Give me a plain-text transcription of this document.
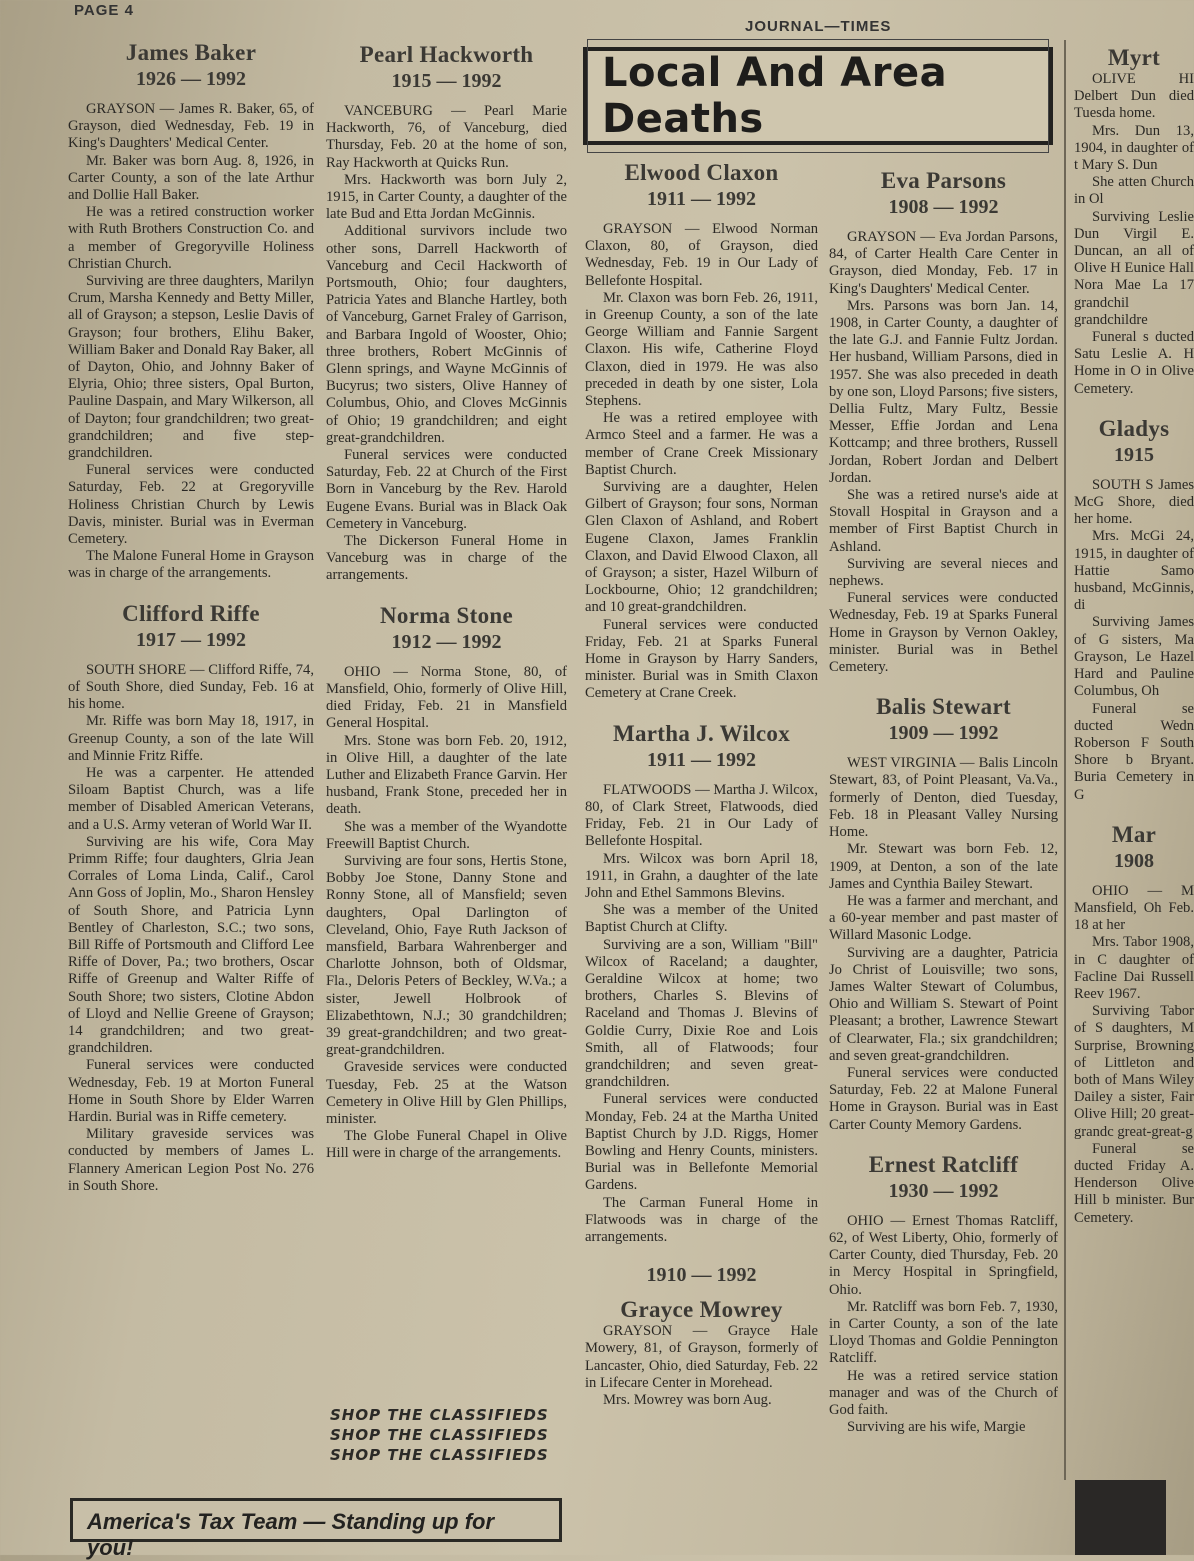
PAGE 4
JOURNAL—TIMES
James Baker
1926 — 1992

GRAYSON — James R. Baker, 65, of Grayson, died Wednesday, Feb. 19 in King's Daughters' Medical Center.

Mr. Baker was born Aug. 8, 1926, in Carter County, a son of the late Arthur and Dollie Hall Baker.

He was a retired construction worker with Ruth Brothers Construction Co. and a member of Gregoryville Holiness Christian Church.

Surviving are three daughters, Marilyn Crum, Marsha Kennedy and Betty Miller, all of Grayson; a stepson, Leslie Davis of Grayson; four brothers, Elihu Baker, William Baker and Donald Ray Baker, all of Dayton, Ohio, and Johnny Baker of Elyria, Ohio; three sisters, Opal Burton, Pauline Daspain, and Mary Wilkerson, all of Dayton; four grandchildren; two great-grandchildren; and five step-grandchildren.

Funeral services were conducted Saturday, Feb. 22 at Gregoryville Holiness Christian Church by Lewis Davis, minister. Burial was in Everman Cemetery.

The Malone Funeral Home in Grayson was in charge of the arrangements.

Clifford Riffe
1917 — 1992

SOUTH SHORE — Clifford Riffe, 74, of South Shore, died Sunday, Feb. 16 at his home.

Mr. Riffe was born May 18, 1917, in Greenup County, a son of the late Will and Minnie Fritz Riffe.

He was a carpenter. He attended Siloam Baptist Church, was a life member of Disabled American Veterans, and a U.S. Army veteran of World War II.

Surviving are his wife, Cora May Primm Riffe; four daughters, Glria Jean Corrales of Loma Linda, Calif., Carol Ann Goss of Joplin, Mo., Sharon Hensley of South Shore, and Patricia Lynn Bentley of Charleston, S.C.; two sons, Bill Riffe of Portsmouth and Clifford Lee Riffe of Dover, Pa.; two brothers, Oscar Riffe of Greenup and Walter Riffe of South Shore; two sisters, Clotine Abdon of Lloyd and Nellie Greene of Grayson; 14 grandchildren; and two great-grandchildren.

Funeral services were conducted Wednesday, Feb. 19 at Morton Funeral Home in South Shore by Elder Warren Hardin. Burial was in Riffe cemetery.

Military graveside services was conducted by members of James L. Flannery American Legion Post No. 276 in South Shore.

Pearl Hackworth
1915 — 1992

VANCEBURG — Pearl Marie Hackworth, 76, of Vanceburg, died Thursday, Feb. 20 at the home of son, Ray Hackworth at Quicks Run.

Mrs. Hackworth was born July 2, 1915, in Carter County, a daughter of the late Bud and Etta Jordan McGinnis.

Additional survivors include two other sons, Darrell Hackworth of Vanceburg and Cecil Hackworth of Portsmouth, Ohio; four daughters, Patricia Yates and Blanche Hartley, both of Vanceburg, Garnet Fraley of Garrison, and Barbara Ingold of Wooster, Ohio; three brothers, Robert McGinnis of Glenn springs, and Wayne McGinnis of Bucyrus; two sisters, Olive Hanney of Columbus, Ohio, and Cloves McGinnis of Ohio; 19 grandchildren; and eight great-grandchildren.

Funeral services were conducted Saturday, Feb. 22 at Church of the First Born in Vanceburg by the Rev. Harold Eugene Evans. Burial was in Black Oak Cemetery in Vanceburg.

The Dickerson Funeral Home in Vanceburg was in charge of the arrangements.

Norma Stone
1912 — 1992

OHIO — Norma Stone, 80, of Mansfield, Ohio, formerly of Olive Hill, died Friday, Feb. 21 in Mansfield General Hospital.

Mrs. Stone was born Feb. 20, 1912, in Olive Hill, a daughter of the late Luther and Elizabeth France Garvin. Her husband, Frank Stone, preceded her in death.

She was a member of the Wyandotte Freewill Baptist Church.

Surviving are four sons, Hertis Stone, Bobby Joe Stone, Danny Stone and Ronny Stone, all of Mansfield; seven daughters, Opal Darlington of Cleveland, Ohio, Faye Ruth Jackson of mansfield, Barbara Wahrenberger and Charlotte Johnson, both of Oldsmar, Fla., Deloris Peters of Beckley, W.Va.; a sister, Jewell Holbrook of Elizabethtown, N.J.; 30 grandchildren; 39 great-grandchildren; and two great-great-grandchildren.

Graveside services were conducted Tuesday, Feb. 25 at the Watson Cemetery in Olive Hill by Glen Phillips, minister.

The Globe Funeral Chapel in Olive Hill were in charge of the arrangements.

Elwood Claxon
1911 — 1992

GRAYSON — Elwood Norman Claxon, 80, of Grayson, died Wednesday, Feb. 19 in Our Lady of Bellefonte Hospital.

Mr. Claxon was born Feb. 26, 1911, in Greenup County, a son of the late George William and Fannie Sargent Claxon. His wife, Catherine Floyd Claxon, died in 1979. He was also preceded in death by one sister, Lola Stephens.

He was a retired employee with Armco Steel and a farmer. He was a member of Crane Creek Missionary Baptist Church.

Surviving are a daughter, Helen Gilbert of Grayson; four sons, Norman Glen Claxon of Ashland, and Robert Eugene Claxon, James Franklin Claxon, and David Elwood Claxon, all of Grayson; a sister, Hazel Wilburn of Lockbourne, Ohio; 12 grandchildren; and 10 great-grandchildren.

Funeral services were conducted Friday, Feb. 21 at Sparks Funeral Home in Grayson by Harry Sanders, minister. Burial was in Smith Claxon Cemetery at Crane Creek.

Martha J. Wilcox
1911 — 1992

FLATWOODS — Martha J. Wilcox, 80, of Clark Street, Flatwoods, died Friday, Feb. 21 in Our Lady of Bellefonte Hospital.

Mrs. Wilcox was born April 18, 1911, in Grahn, a daughter of the late John and Ethel Sammons Blevins.

She was a member of the United Baptist Church at Clifty.

Surviving are a son, William "Bill" Wilcox of Raceland; a daughter, Geraldine Wilcox at home; two brothers, Charles S. Blevins of Raceland and Thomas J. Blevins of Goldie Curry, Dixie Roe and Lois Smith, all of Flatwoods; four grandchildren; and seven great-grandchildren.

Funeral services were conducted Monday, Feb. 24 at the Martha United Baptist Church by J.D. Riggs, Homer Bowling and Henry Counts, ministers. Burial was in Bellefonte Memorial Gardens.

The Carman Funeral Home in Flatwoods was in charge of the arrangements.

1910 — 1992
Grayce Mowrey

GRAYSON — Grayce Hale Mowery, 81, of Grayson, formerly of Lancaster, Ohio, died Saturday, Feb. 22 in Lifecare Center in Morehead.

Mrs. Mowrey was born Aug.

Eva Parsons
1908 — 1992

GRAYSON — Eva Jordan Parsons, 84, of Carter Health Care Center in Grayson, died Monday, Feb. 17 in King's Daughters' Medical Center.

Mrs. Parsons was born Jan. 14, 1908, in Carter County, a daughter of the late G.J. and Fannie Fultz Jordan. Her husband, William Parsons, died in 1957. She was also preceded in death by one son, Lloyd Parsons; five sisters, Dellia Fultz, Mary Fultz, Bessie Messer, Effie Jordan and Lena Kottcamp; and three brothers, Russell Jordan, Robert Jordan and Delbert Jordan.

She was a retired nurse's aide at Stovall Hospital in Grayson and a member of First Baptist Church in Ashland.

Surviving are several nieces and nephews.

Funeral services were conducted Wednesday, Feb. 19 at Sparks Funeral Home in Grayson by Vernon Oakley, minister. Burial was in Bethel Cemetery.

Balis Stewart
1909 — 1992

WEST VIRGINIA — Balis Lincoln Stewart, 83, of Point Pleasant, Va.Va., formerly of Denton, died Tuesday, Feb. 18 in Pleasant Valley Nursing Home.

Mr. Stewart was born Feb. 12, 1909, at Denton, a son of the late James and Cynthia Bailey Stewart.

He was a farmer and merchant, and a 60-year member and past master of Willard Masonic Lodge.

Surviving are a daughter, Patricia Jo Christ of Louisville; two sons, James Walter Stewart of Columbus, Ohio and William S. Stewart of Point Pleasant; a brother, Lawrence Stewart of Clearwater, Fla.; six grandchildren; and seven great-grandchildren.

Funeral services were conducted Saturday, Feb. 22 at Malone Funeral Home in Grayson. Burial was in East Carter County Memory Gardens.

Ernest Ratcliff
1930 — 1992

OHIO — Ernest Thomas Ratcliff, 62, of West Liberty, Ohio, formerly of Carter County, died Thursday, Feb. 20 in Mercy Hospital in Springfield, Ohio.

Mr. Ratcliff was born Feb. 7, 1930, in Carter County, a son of the late Lloyd Thomas and Goldie Pennington Ratcliff.

He was a retired service station manager and was of the Church of God faith.

Surviving are his wife, Margie

Myrt

OLIVE HI Delbert Dun died Tuesda home.

Mrs. Dun 13, 1904, in daughter of t Mary S. Dun

She atten Church in Ol

Surviving Leslie Dun Virgil E. Duncan, an all of Olive H Eunice Hall Nora Mae La 17 grandchil grandchildre

Funeral s ducted Satu Leslie A. H Home in O in Olive Cemetery.

Gladys
1915

SOUTH S James McG Shore, died her home.

Mrs. McGi 24, 1915, in daughter of Hattie Samo husband, McGinnis, di

Surviving James of G sisters, Ma Grayson, Le Hazel Hard and Pauline Columbus, Oh

Funeral se ducted Wedn Roberson F South Shore b Bryant. Buria Cemetery in G

Mar
1908

OHIO — M Mansfield, Oh Feb. 18 at her

Mrs. Tabor 1908, in C daughter of Facline Dai Russell Reev 1967.

Surviving Tabor of S daughters, M Surprise, Browning of Littleton and both of Mans Wiley Dailey a sister, Fair Olive Hill; 20 great-grandc great-great-g

Funeral se ducted Friday A. Henderson Olive Hill b minister. Bur Cemetery.

Local And Area Deaths
SHOP THE CLASSIFIEDS
SHOP THE CLASSIFIEDS
SHOP THE CLASSIFIEDS
America's Tax Team — Standing up for you!
